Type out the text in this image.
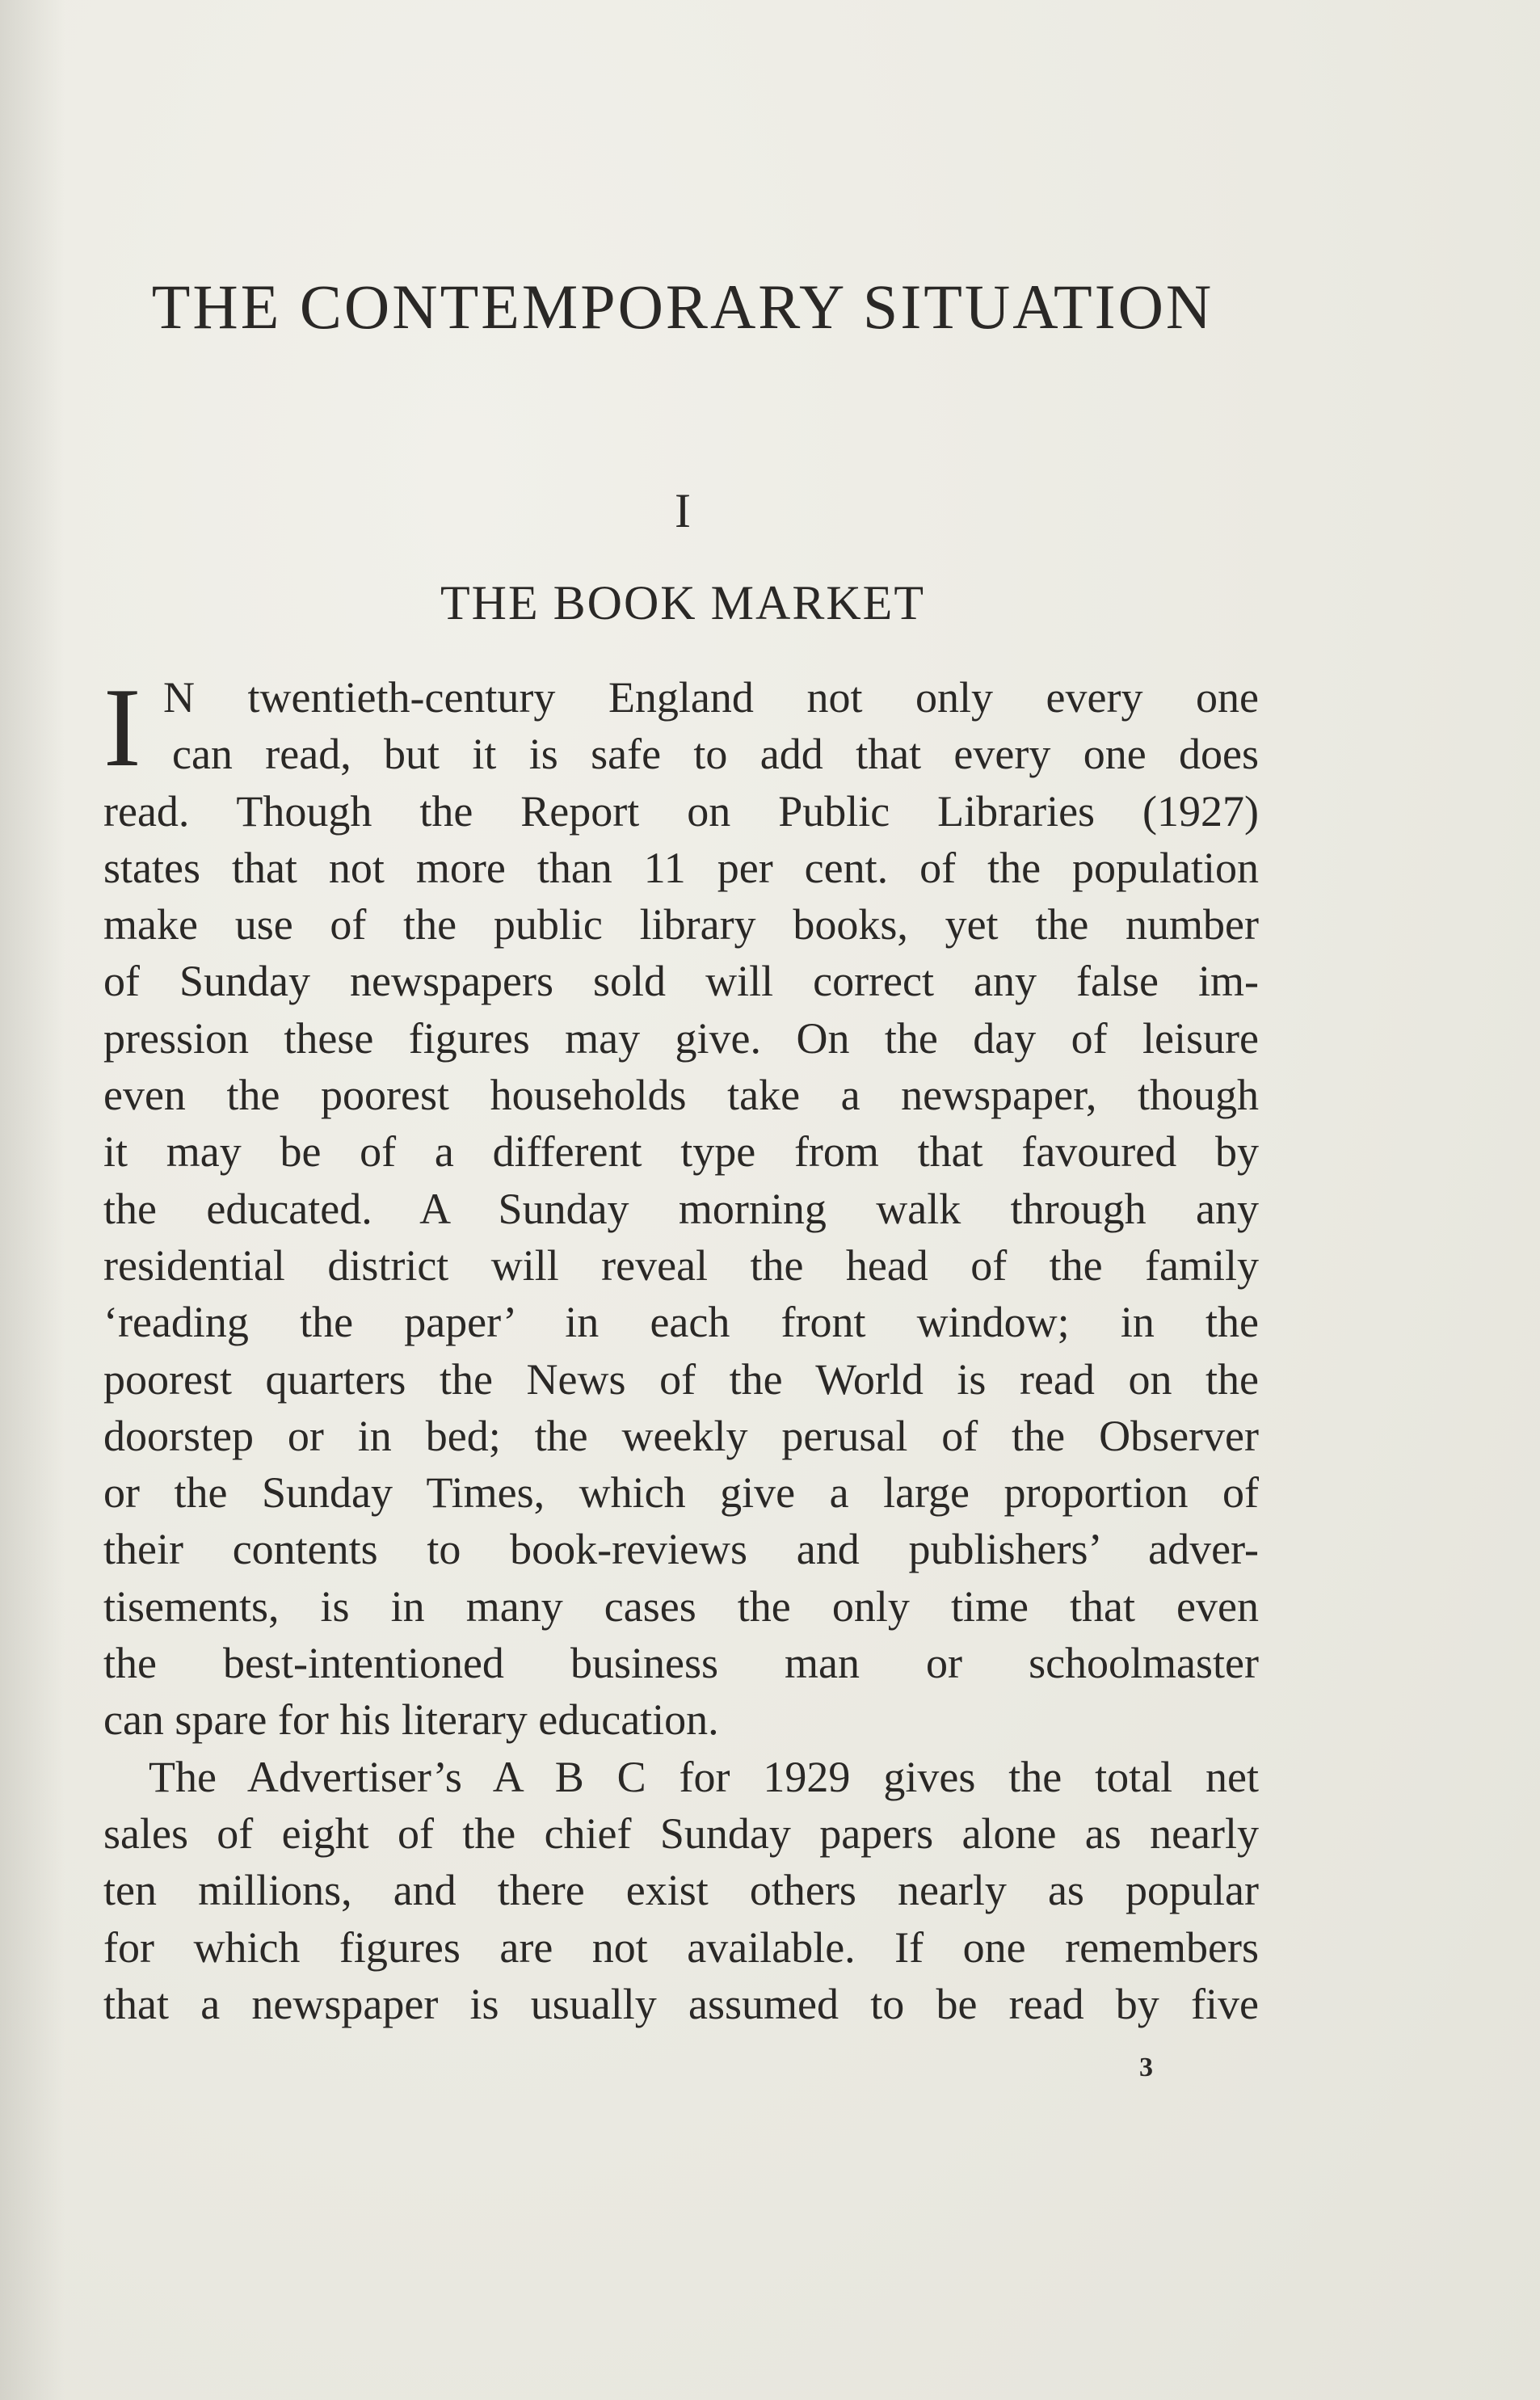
THE CONTEMPORARY SITUATION
I
THE BOOK MARKET
I N twentieth-century England not only every one
can read, but it is safe to add that every one does
read. Though the Report on Public Libraries (1927)
states that not more than 11 per cent. of the population
make use of the public library books, yet the number
of Sunday newspapers sold will correct any false im-
pression these figures may give. On the day of leisure
even the poorest households take a newspaper, though
it may be of a different type from that favoured by
the educated. A Sunday morning walk through any
residential district will reveal the head of the family
‘reading the paper’ in each front window; in the
poorest quarters the News of the World is read on the
doorstep or in bed; the weekly perusal of the Observer
or the Sunday Times, which give a large proportion of
their contents to book-reviews and publishers’ adver-
tisements, is in many cases the only time that even
the best-intentioned business man or schoolmaster
can spare for his literary education.
The Advertiser’s A B C for 1929 gives the total net
sales of eight of the chief Sunday papers alone as nearly
ten millions, and there exist others nearly as popular
for which figures are not available. If one remembers
that a newspaper is usually assumed to be read by five
3
